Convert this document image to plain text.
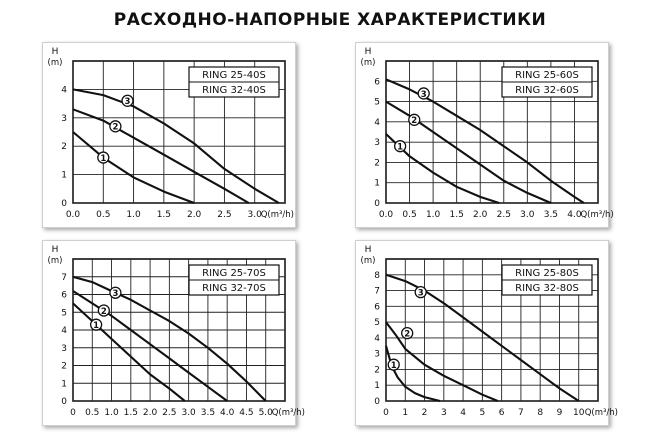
РАСХОДНО-НАПОРНЫЕ ХАРАКТЕРИСТИКИ
0.0 0.5 1.0 1.5 2.0 2.5 3.0
0
1
2
3
4
Q(m³/h)
H
(m)
RING 25-40S
RING 32-40S
1
2
3
0.0 0.5 1.0 1.5 2.0 2.5 3.0 3.5 4.0
0
1
2
3
4
5
6
Q(m³/h)
H
(m)
RING 25-60S
RING 32-60S
1
2
3
0 0.5 1.0 1.5 2.0 2.5 3.0 3.5 4.0 4.5 5.0
0
1
2
3
4
5
6
7
Q(m³/h)
H
(m)
RING 25-70S
RING 32-70S
1
2
3
0 1 2 3 4 5 6 7 8 9 10
0
1
2
3
4
5
6
7
8
Q(m³/h)
H
(m)
RING 25-80S
RING 32-80S
1
2
3
